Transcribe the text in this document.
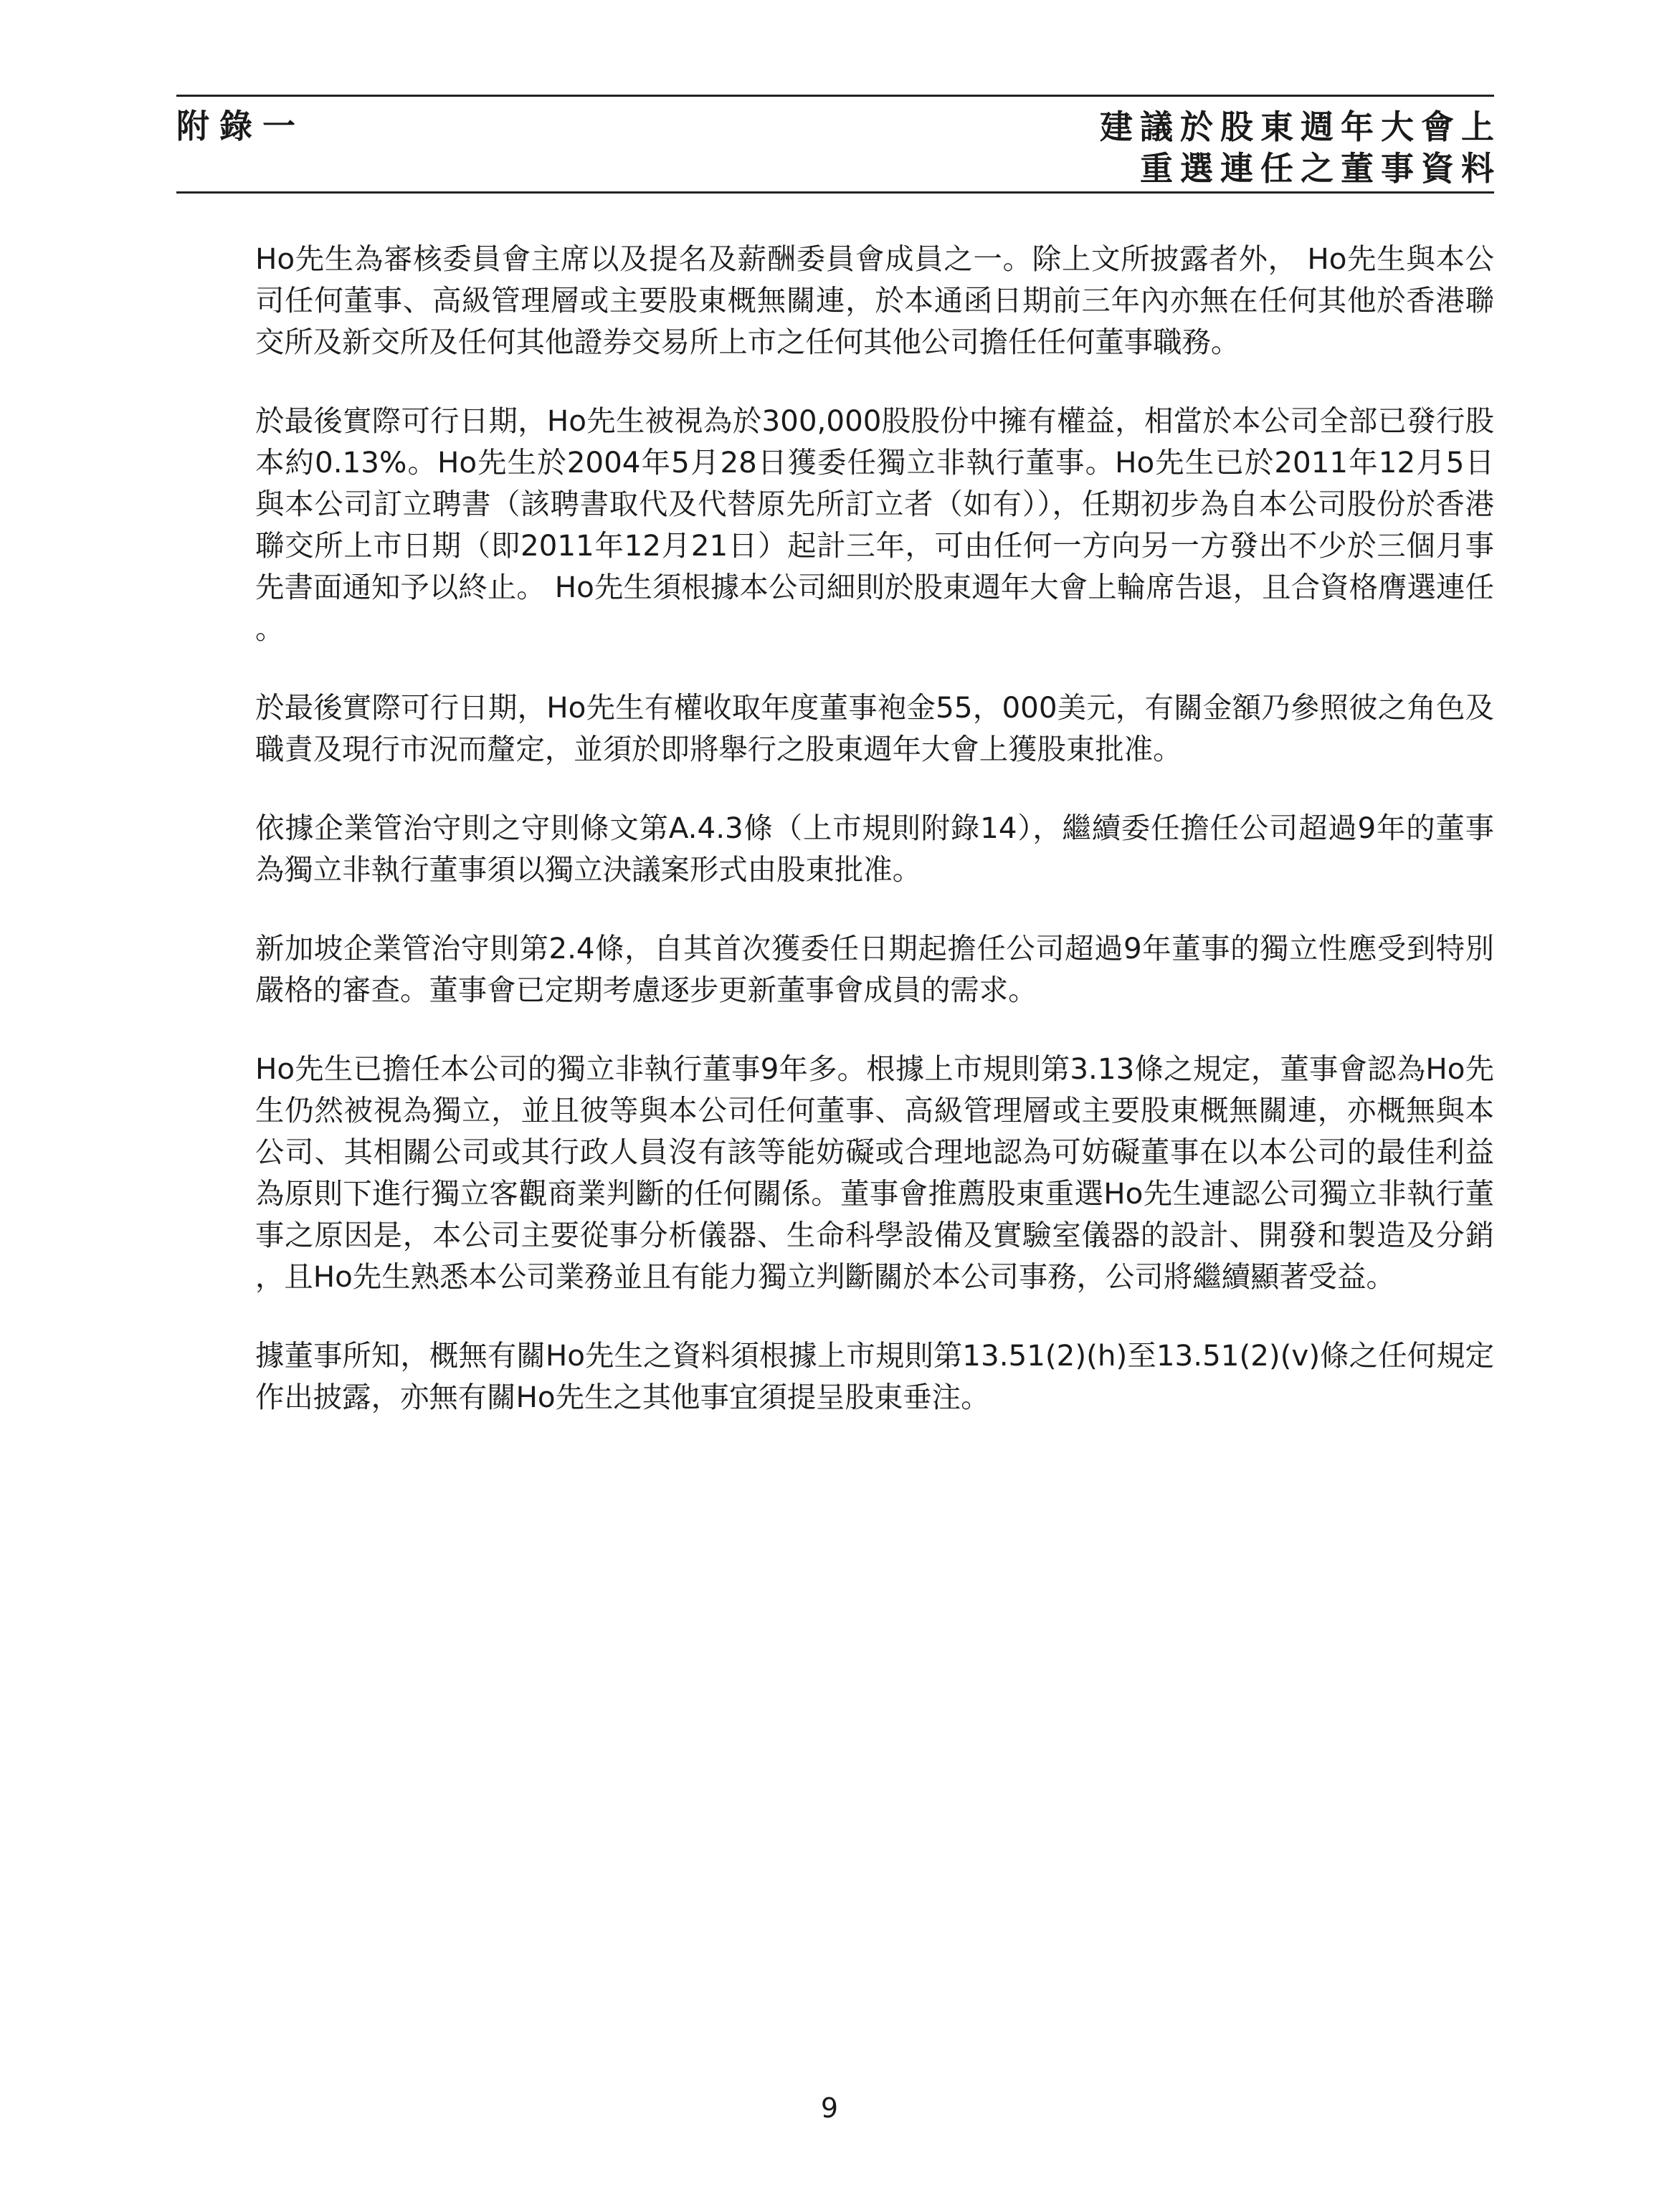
附錄一	建議於股東週年大會上
重選連任之董事資料

Ho先生為審核委員會主席以及提名及薪酬委員會成員之一。除上文所披露者外， Ho先生與本公司任何董事、高級管理層或主要股東概無關連，於本通函日期前三年內亦無在任何其他於香港聯交所及新交所及任何其他證券交易所上市之任何其他公司擔任任何董事職務。

於最後實際可行日期，Ho先生被視為於300,000股股份中擁有權益，相當於本公司全部已發行股本約0.13%。Ho先生於2004年5月28日獲委任獨立非執行董事。Ho先生已於2011年12月5日與本公司訂立聘書（該聘書取代及代替原先所訂立者（如有）），任期初步為自本公司股份於香港聯交所上市日期（即2011年12月21日）起計三年，可由任何一方向另一方發出不少於三個月事先書面通知予以終止。 Ho先生須根據本公司細則於股東週年大會上輪席告退，且合資格膺選連任。

於最後實際可行日期，Ho先生有權收取年度董事袍金55，000美元，有關金額乃參照彼之角色及職責及現行市況而釐定，並須於即將舉行之股東週年大會上獲股東批准。

依據企業管治守則之守則條文第A.4.3條（上市規則附錄14），繼續委任擔任公司超過9年的董事為獨立非執行董事須以獨立決議案形式由股東批准。

新加坡企業管治守則第2.4條，自其首次獲委任日期起擔任公司超過9年董事的獨立性應受到特別嚴格的審查。董事會已定期考慮逐步更新董事會成員的需求。

Ho先生已擔任本公司的獨立非執行董事9年多。根據上市規則第3.13條之規定，董事會認為Ho先生仍然被視為獨立，並且彼等與本公司任何董事、高級管理層或主要股東概無關連，亦概無與本公司、其相關公司或其行政人員沒有該等能妨礙或合理地認為可妨礙董事在以本公司的最佳利益為原則下進行獨立客觀商業判斷的任何關係。董事會推薦股東重選Ho先生連認公司獨立非執行董事之原因是，本公司主要從事分析儀器、生命科學設備及實驗室儀器的設計、開發和製造及分銷，且Ho先生熟悉本公司業務並且有能力獨立判斷關於本公司事務，公司將繼續顯著受益。

據董事所知，概無有關Ho先生之資料須根據上市規則第13.51(2)(h)至13.51(2)(v)條之任何規定作出披露，亦無有關Ho先生之其他事宜須提呈股東垂注。

9
